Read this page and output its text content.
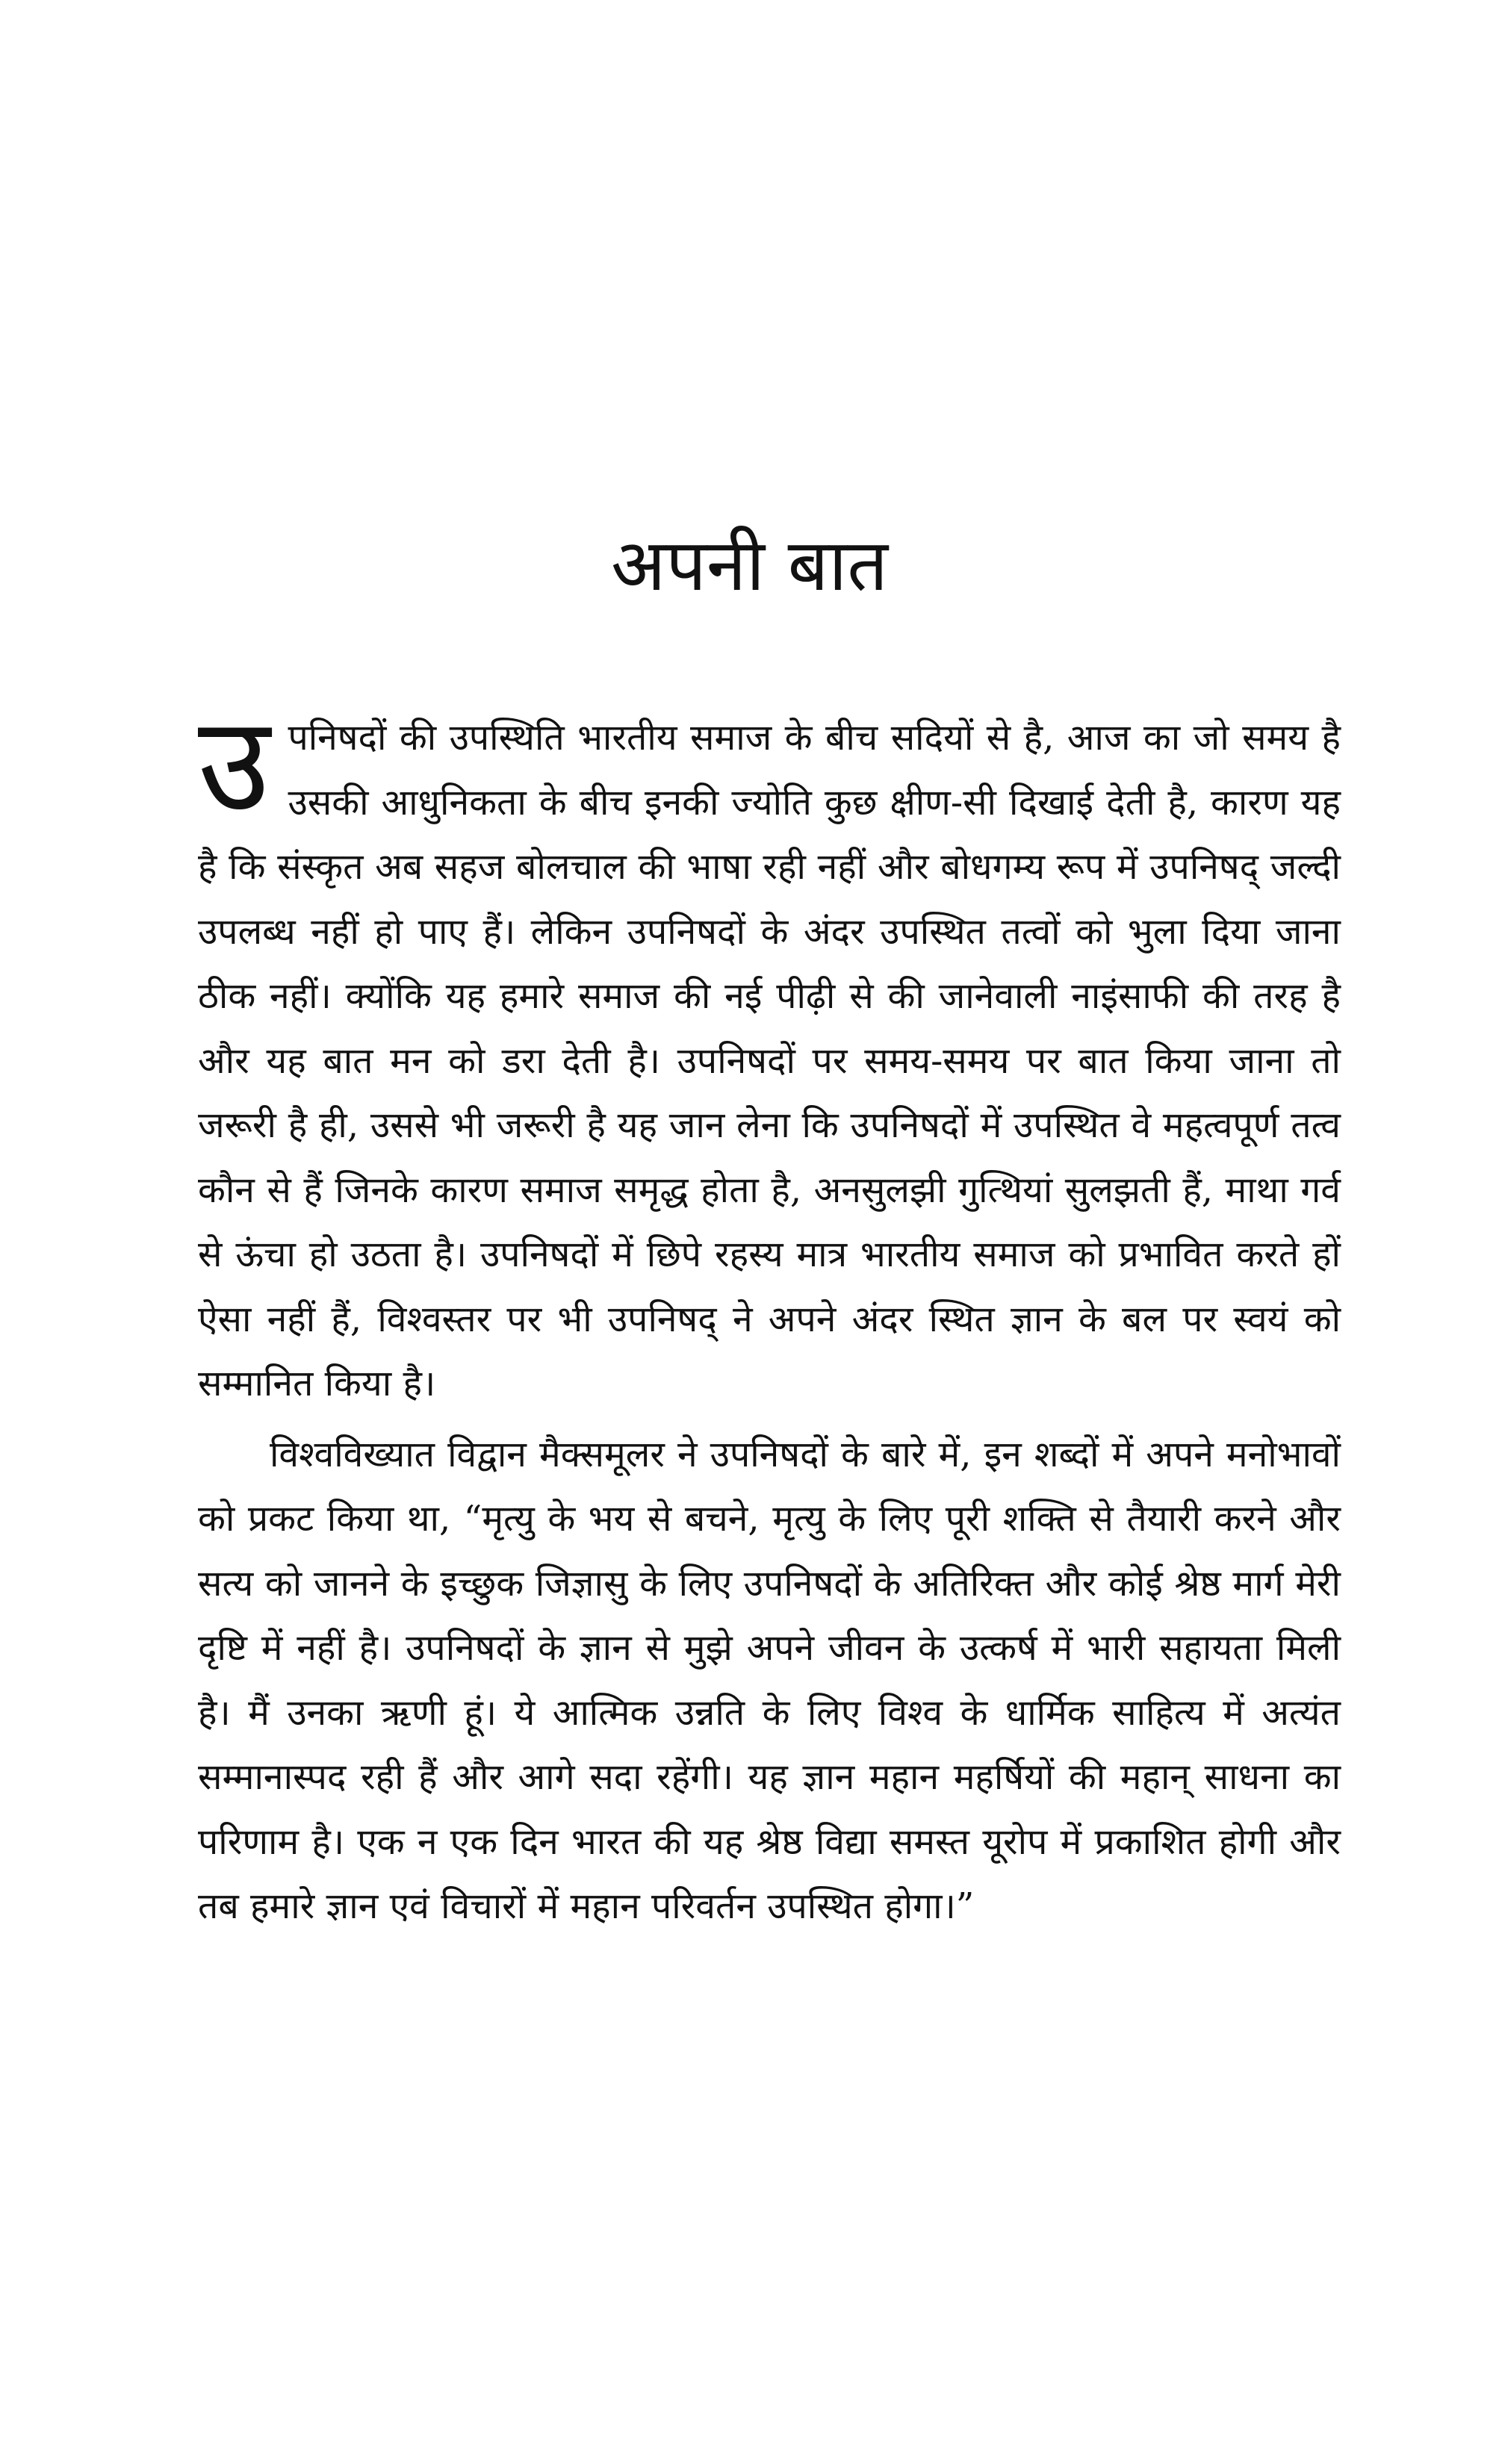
अपनी बात

उपनिषदों की उपस्थिति भारतीय समाज के बीच सदियों से है, आज का जो समय है उसकी आधुनिकता के बीच इनकी ज्योति कुछ क्षीण-सी दिखाई देती है, कारण यह है कि संस्कृत अब सहज बोलचाल की भाषा रही नहीं और बोधगम्य रूप में उपनिषद् जल्दी उपलब्ध नहीं हो पाए हैं। लेकिन उपनिषदों के अंदर उपस्थित तत्वों को भुला दिया जाना ठीक नहीं। क्योंकि यह हमारे समाज की नई पीढ़ी से की जानेवाली नाइंसाफी की तरह है और यह बात मन को डरा देती है। उपनिषदों पर समय-समय पर बात किया जाना तो जरूरी है ही, उससे भी जरूरी है यह जान लेना कि उपनिषदों में उपस्थित वे महत्वपूर्ण तत्व कौन से हैं जिनके कारण समाज समृद्ध होता है, अनसुलझी गुत्थियां सुलझती हैं, माथा गर्व से ऊंचा हो उठता है। उपनिषदों में छिपे रहस्य मात्र भारतीय समाज को प्रभावित करते हों ऐसा नहीं हैं, विश्वस्तर पर भी उपनिषद् ने अपने अंदर स्थित ज्ञान के बल पर स्वयं को सम्मानित किया है।

विश्वविख्यात विद्वान मैक्समूलर ने उपनिषदों के बारे में, इन शब्दों में अपने मनोभावों को प्रकट किया था, “मृत्यु के भय से बचने, मृत्यु के लिए पूरी शक्ति से तैयारी करने और सत्य को जानने के इच्छुक जिज्ञासु के लिए उपनिषदों के अतिरिक्त और कोई श्रेष्ठ मार्ग मेरी दृष्टि में नहीं है। उपनिषदों के ज्ञान से मुझे अपने जीवन के उत्कर्ष में भारी सहायता मिली है। मैं उनका ऋणी हूं। ये आत्मिक उन्नति के लिए विश्व के धार्मिक साहित्य में अत्यंत सम्मानास्पद रही हैं और आगे सदा रहेंगी। यह ज्ञान महान महर्षियों की महान् साधना का परिणाम है। एक न एक दिन भारत की यह श्रेष्ठ विद्या समस्त यूरोप में प्रकाशित होगी और तब हमारे ज्ञान एवं विचारों में महान परिवर्तन उपस्थित होगा।”
